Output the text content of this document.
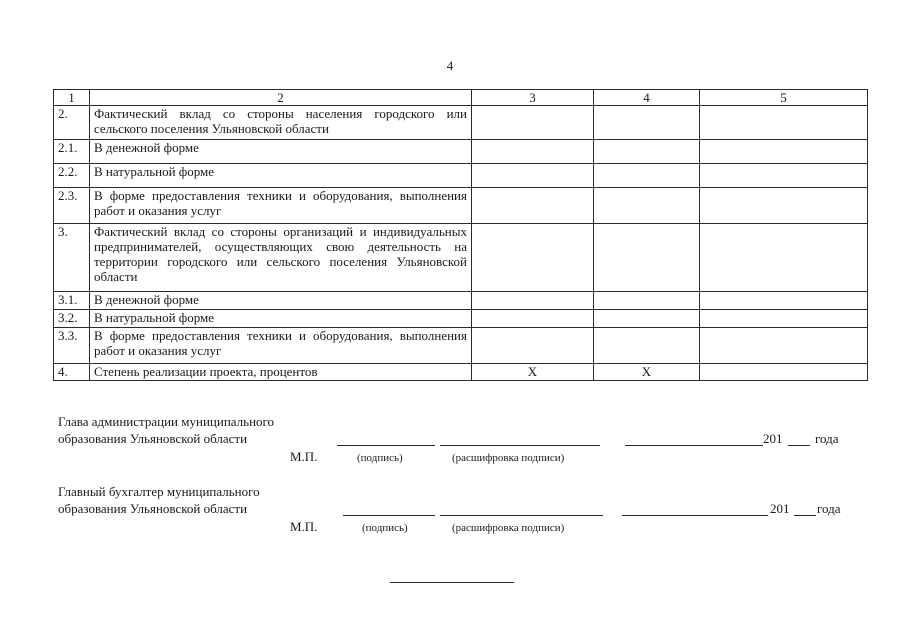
4
1	2	3	4	5
2.	Фактический вклад со стороны населения городского или сельского поселения Ульяновской области			
2.1.	В денежной форме			
2.2.	В натуральной форме			
2.3.	В форме предоставления техники и оборудования, выполнения работ и оказания услуг			
3.	Фактический вклад со стороны организаций и индивидуальных предпринимателей, осуществляющих свою деятельность на территории городского или сельского поселения Ульяновской области			
3.1.	В денежной форме			
3.2.	В натуральной форме			
3.3.	В форме предоставления техники и оборудования, выполнения работ и оказания услуг			
4.	Степень реализации проекта, процентов	Х	Х	
Глава администрации муниципального
образования Ульяновской области	201	года
М.П.	(подпись)	(расшифровка подписи)
Главный бухгалтер муниципального
образования Ульяновской области	201 года
М.П.	(подпись)	(расшифровка подписи)
